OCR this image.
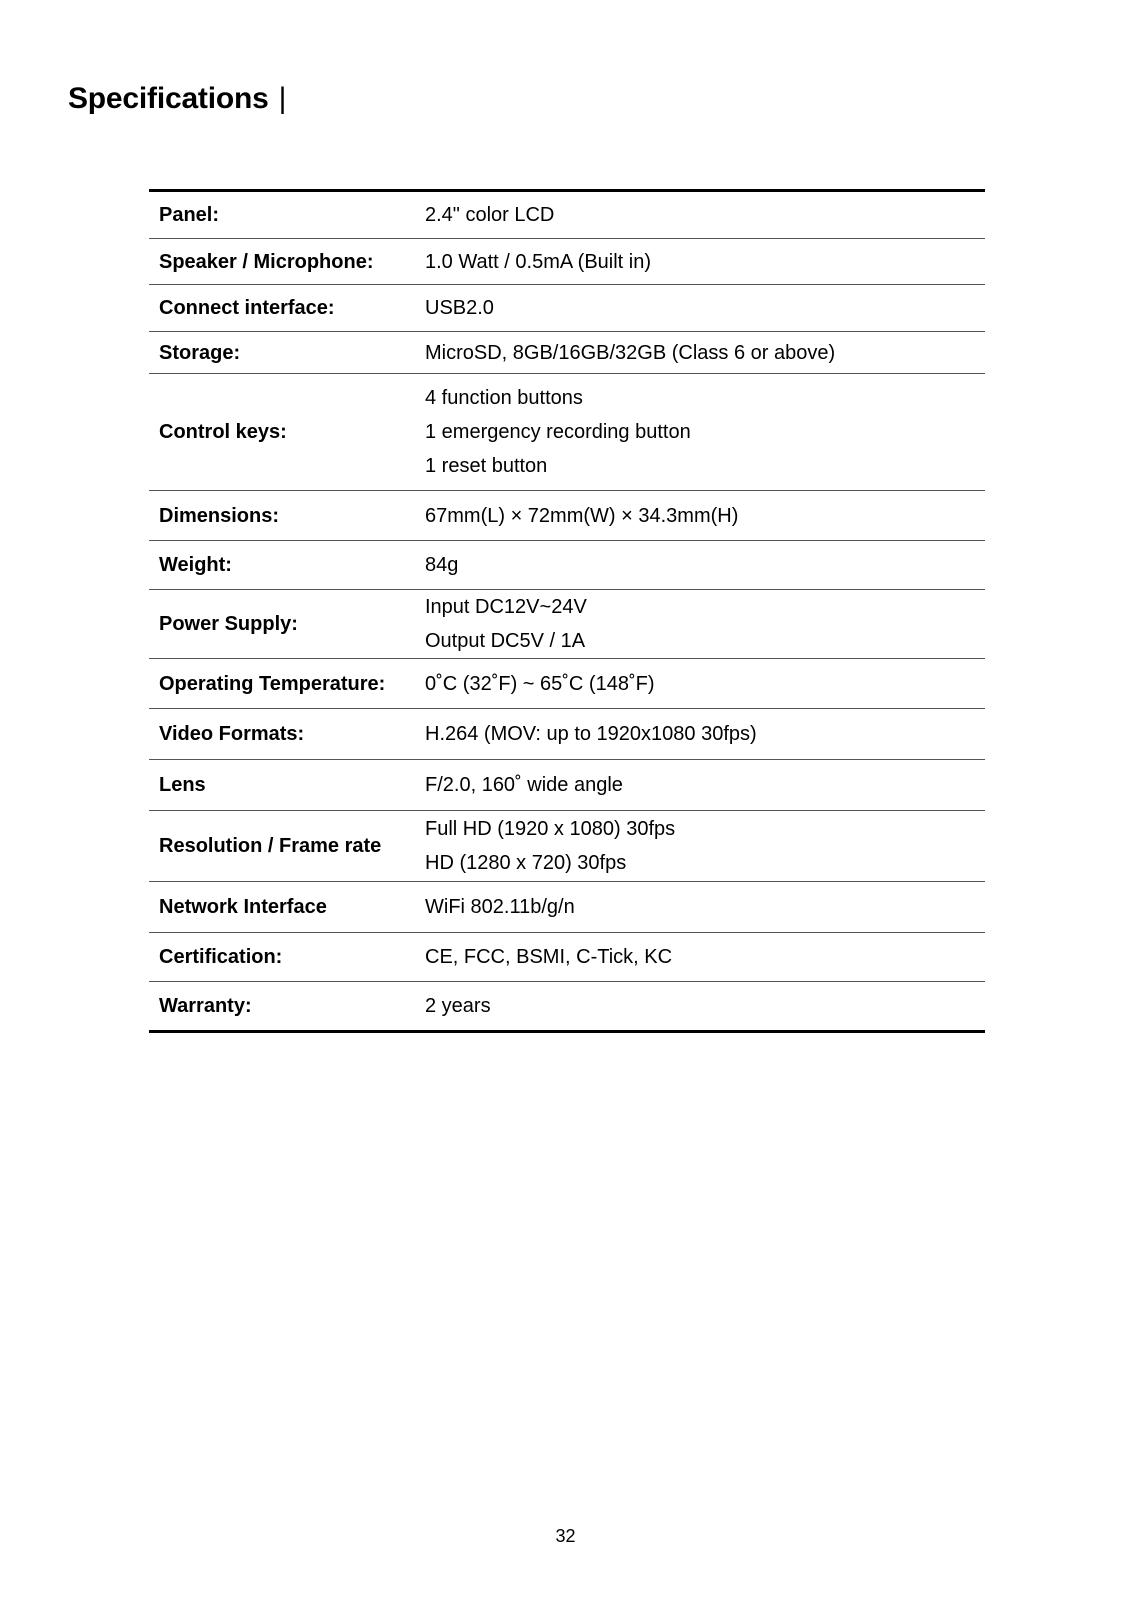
Specifications |
Panel:	2.4" color LCD

Speaker / Microphone:	1.0 Watt / 0.5mA (Built in)

Connect interface:	USB2.0

Storage:	MicroSD, 8GB/16GB/32GB (Class 6 or above)

Control keys:	4 function buttons
1 emergency recording button
1 reset button

Dimensions:	67mm(L) × 72mm(W) × 34.3mm(H)

Weight:	84g

Power Supply:	Input DC12V~24V
Output DC5V / 1A

Operating Temperature:	0˚C (32˚F) ~ 65˚C (148˚F)

Video Formats:	H.264 (MOV: up to 1920x1080 30fps)

Lens	F/2.0, 160˚ wide angle

Resolution / Frame rate	Full HD (1920 x 1080) 30fps
HD (1280 x 720) 30fps

Network Interface	WiFi 802.11b/g/n

Certification:	CE, FCC, BSMI, C-Tick, KC

Warranty:	2 years
32
